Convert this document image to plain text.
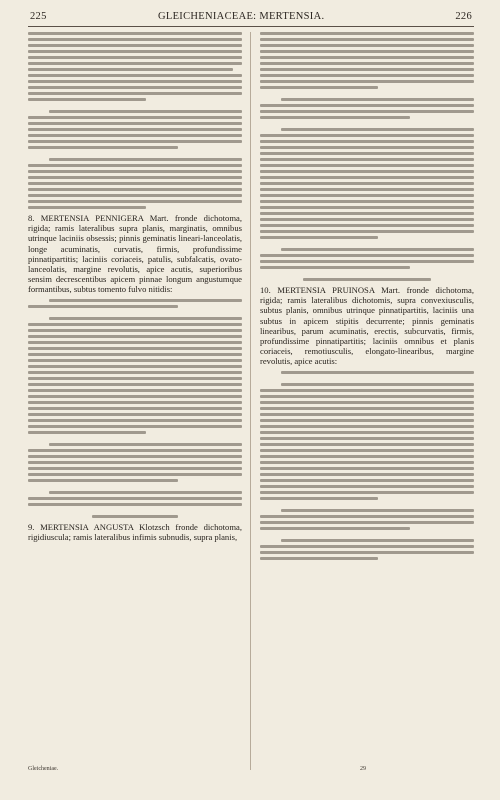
225	GLEICHENIACEAE: MERTENSIA.	226
8. MERTENSIA PENNIGERA Mart. fronde dichotoma, rigida; ramis lateralibus supra planis, marginatis, omnibus utrinque laciniis obsessis; pinnis geminatis lineari-lanceolatis, longe acuminatis, curvatis, firmis, profundissime pinnatipartitis; laciniis coriaceis, patulis, subfalcatis, ovato-lanceolatis, margine revolutis, apice acutis, superioribus sensim decrescentibus apicem pinnae longum angustumque formantibus, subtus tomento fulvo nitidis:
9. MERTENSIA ANGUSTA Klotzsch fronde dichotoma, rigidiuscula; ramis lateralibus infimis subnudis, supra planis,
Gleicheniae.
10. MERTENSIA PRUINOSA Mart. fronde dichotoma, rigida; ramis lateralibus dichotomis, supra convexiusculis, subtus planis, omnibus utrinque pinnatipartitis, laciniis una subtus in apicem stipitis decurrente; pinnis geminatis linearibus, parum acuminatis, erectis, subcurvatis, firmis, profundissime pinnatipartitis; laciniis omnibus et planis coriaceis, remotiusculis, elongato-linearibus, margine revolutis, apice acutis:
29
